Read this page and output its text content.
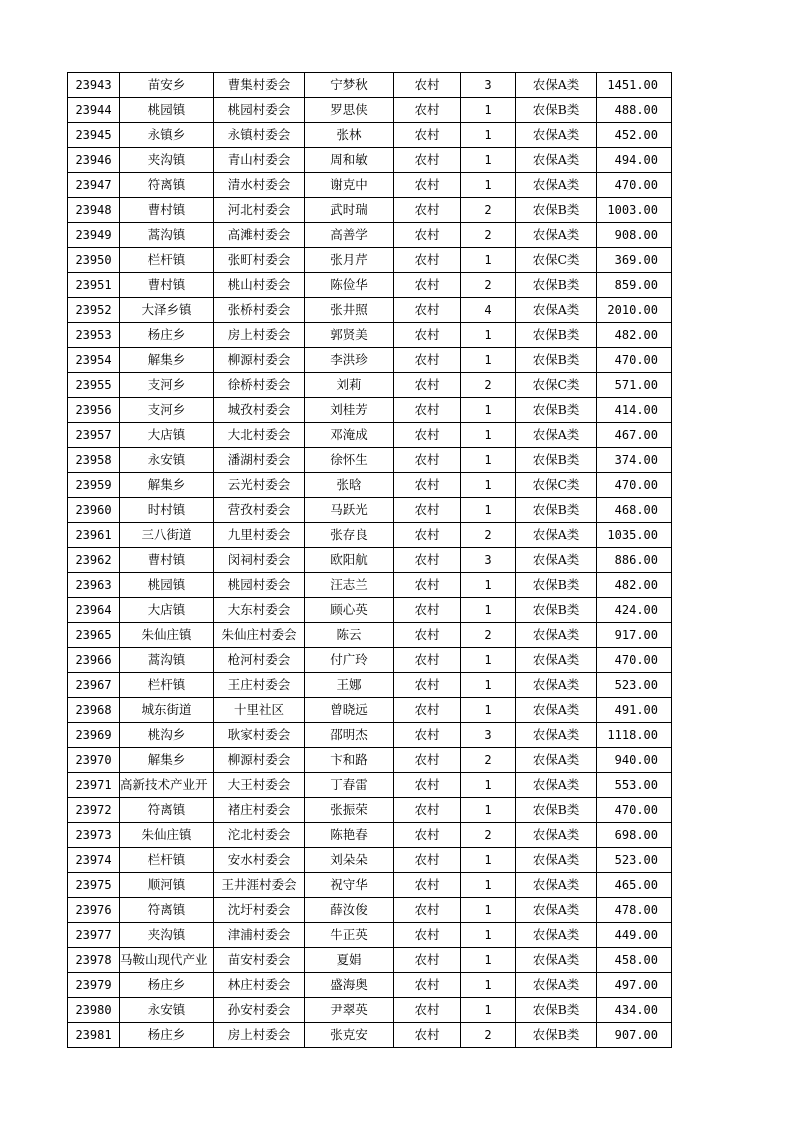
23943	苗安乡	曹集村委会	宁梦秋	农村	3	农保A类	1451.00
23944	桃园镇	桃园村委会	罗思侠	农村	1	农保B类	488.00
23945	永镇乡	永镇村委会	张林	农村	1	农保A类	452.00
23946	夹沟镇	青山村委会	周和敏	农村	1	农保A类	494.00
23947	符离镇	清水村委会	谢克中	农村	1	农保A类	470.00
23948	曹村镇	河北村委会	武时瑞	农村	2	农保B类	1003.00
23949	蒿沟镇	高滩村委会	高善学	农村	2	农保A类	908.00
23950	栏杆镇	张町村委会	张月芹	农村	1	农保C类	369.00
23951	曹村镇	桃山村委会	陈俭华	农村	2	农保B类	859.00
23952	大泽乡镇	张桥村委会	张井照	农村	4	农保A类	2010.00
23953	杨庄乡	房上村委会	郭贤美	农村	1	农保B类	482.00
23954	解集乡	柳源村委会	李洪珍	农村	1	农保B类	470.00
23955	支河乡	徐桥村委会	刘莉	农村	2	农保C类	571.00
23956	支河乡	城孜村委会	刘桂芳	农村	1	农保B类	414.00
23957	大店镇	大北村委会	邓淹成	农村	1	农保A类	467.00
23958	永安镇	潘湖村委会	徐怀生	农村	1	农保B类	374.00
23959	解集乡	云光村委会	张晗	农村	1	农保C类	470.00
23960	时村镇	营孜村委会	马跃光	农村	1	农保B类	468.00
23961	三八街道	九里村委会	张存良	农村	2	农保A类	1035.00
23962	曹村镇	闵祠村委会	欧阳航	农村	3	农保A类	886.00
23963	桃园镇	桃园村委会	汪志兰	农村	1	农保B类	482.00
23964	大店镇	大东村委会	顾心英	农村	1	农保B类	424.00
23965	朱仙庄镇	朱仙庄村委会	陈云	农村	2	农保A类	917.00
23966	蒿沟镇	枪河村委会	付广玲	农村	1	农保A类	470.00
23967	栏杆镇	王庄村委会	王娜	农村	1	农保A类	523.00
23968	城东街道	十里社区	曾晓远	农村	1	农保A类	491.00
23969	桃沟乡	耿家村委会	邵明杰	农村	3	农保A类	1118.00
23970	解集乡	柳源村委会	卞和路	农村	2	农保A类	940.00
23971	高新技术产业开	大王村委会	丁春雷	农村	1	农保A类	553.00
23972	符离镇	褚庄村委会	张振荣	农村	1	农保B类	470.00
23973	朱仙庄镇	沱北村委会	陈艳春	农村	2	农保A类	698.00
23974	栏杆镇	安水村委会	刘朵朵	农村	1	农保A类	523.00
23975	顺河镇	王井涯村委会	祝守华	农村	1	农保A类	465.00
23976	符离镇	沈圩村委会	薛汝俊	农村	1	农保A类	478.00
23977	夹沟镇	津浦村委会	牛正英	农村	1	农保A类	449.00
23978	马鞍山现代产业	苗安村委会	夏娟	农村	1	农保A类	458.00
23979	杨庄乡	林庄村委会	盛海奥	农村	1	农保A类	497.00
23980	永安镇	孙安村委会	尹翠英	农村	1	农保B类	434.00
23981	杨庄乡	房上村委会	张克安	农村	2	农保B类	907.00
